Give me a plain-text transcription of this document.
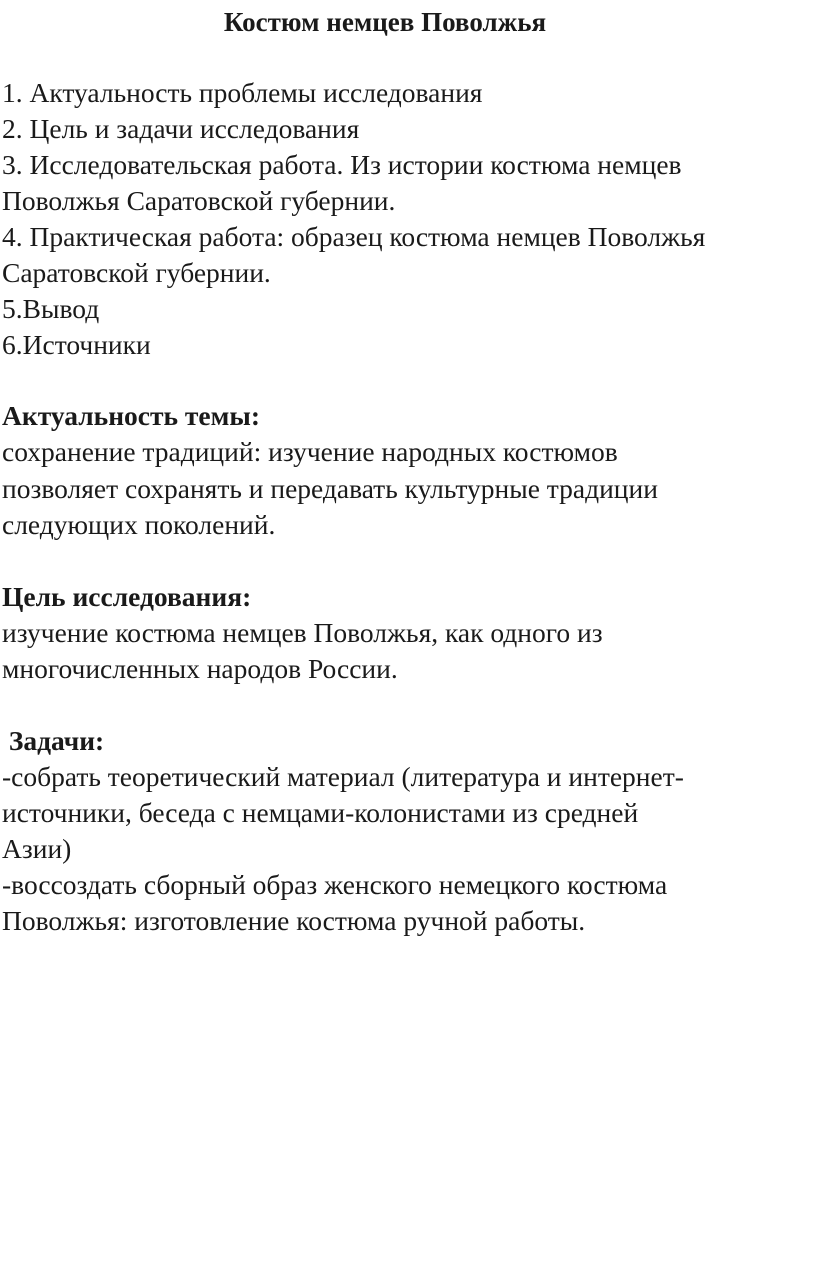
Костюм немцев Поволжья

1. Актуальность проблемы исследования

2. Цель и задачи исследования

3. Исследовательская работа. Из истории костюма немцев

Поволжья Саратовской губернии.

4. Практическая работа: образец костюма немцев Поволжья

Саратовской губернии.

5.Вывод

6.Источники

Актуальность темы:

сохранение традиций: изучение народных костюмов

позволяет сохранять и передавать культурные традиции

следующих поколений.

Цель исследования:

изучение костюма немцев Поволжья, как одного из

многочисленных народов России.

Задачи:

-собрать теоретический материал (литература и интернет-

источники, беседа с немцами-колонистами из средней

Азии)

-воссоздать сборный образ женского немецкого костюма

Поволжья: изготовление костюма ручной работы.
